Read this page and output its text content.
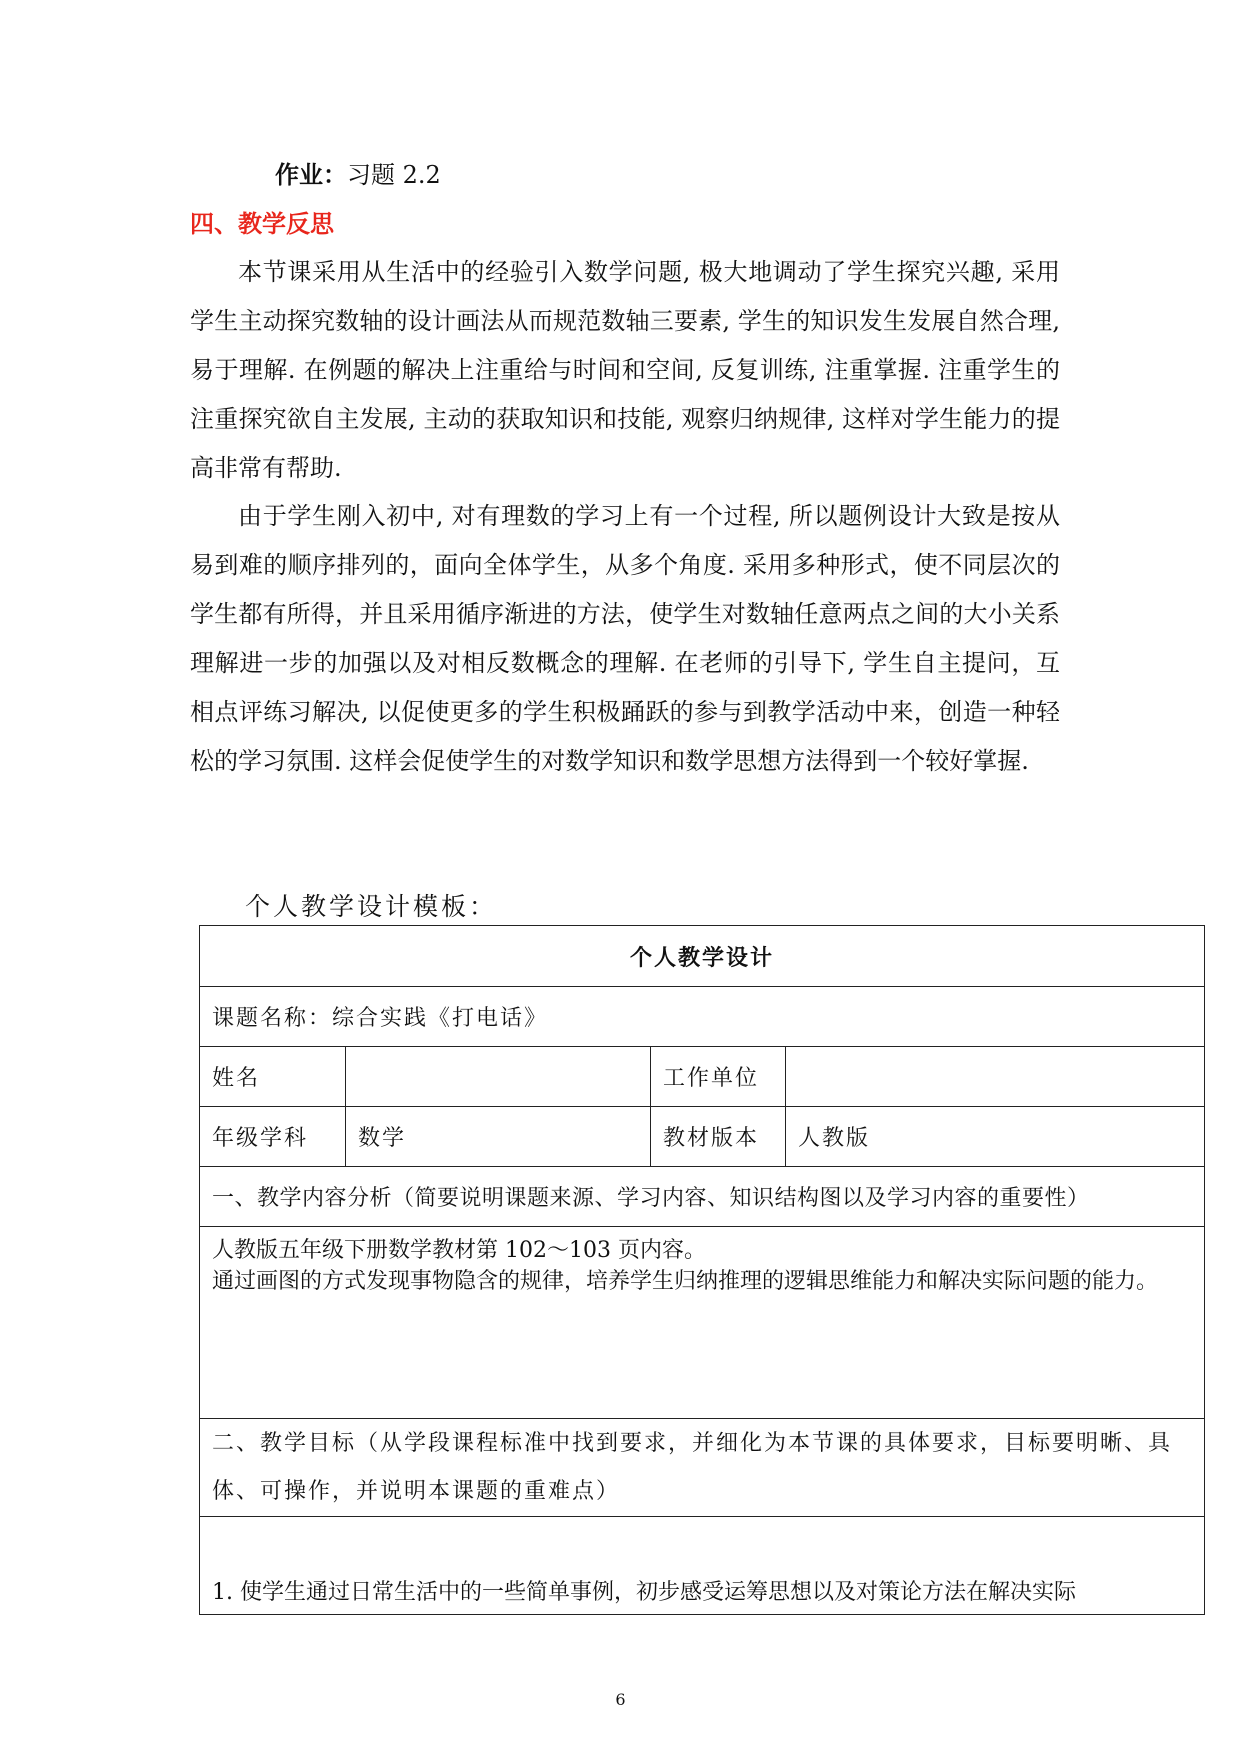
作业：习题 2.2
四、教学反思

本节课采用从生活中的经验引入数学问题, 极大地调动了学生探究兴趣, 采用学生主动探究数轴的设计画法从而规范数轴三要素, 学生的知识发生发展自然合理, 易于理解. 在例题的解决上注重给与时间和空间, 反复训练, 注重掌握. 注重学生的注重探究欲自主发展, 主动的获取知识和技能, 观察归纳规律, 这样对学生能力的提高非常有帮助.

由于学生刚入初中, 对有理数的学习上有一个过程, 所以题例设计大致是按从易到难的顺序排列的，面向全体学生，从多个角度. 采用多种形式，使不同层次的学生都有所得，并且采用循序渐进的方法，使学生对数轴任意两点之间的大小关系理解进一步的加强以及对相反数概念的理解. 在老师的引导下, 学生自主提问，互相点评练习解决, 以促使更多的学生积极踊跃的参与到教学活动中来，创造一种轻松的学习氛围. 这样会促使学生的对数学知识和数学思想方法得到一个较好掌握.

个人教学设计模板：
个人教学设计			
课题名称：综合实践《打电话》			
姓名		工作单位	
年级学科	数学	教材版本	人教版
一、教学内容分析（简要说明课题来源、学习内容、知识结构图以及学习内容的重要性）			

人教版五年级下册数学教材第 102～103 页内容。
通过画图的方式发现事物隐含的规律，培养学生归纳推理的逻辑思维能力和解决实际问题的能力。			

二、教学目标（从学段课程标准中找到要求，并细化为本节课的具体要求，目标要明晰、具体、可操作，并说明本课题的重难点）			
1. 使学生通过日常生活中的一些简单事例，初步感受运筹思想以及对策论方法在解决实际			
6
